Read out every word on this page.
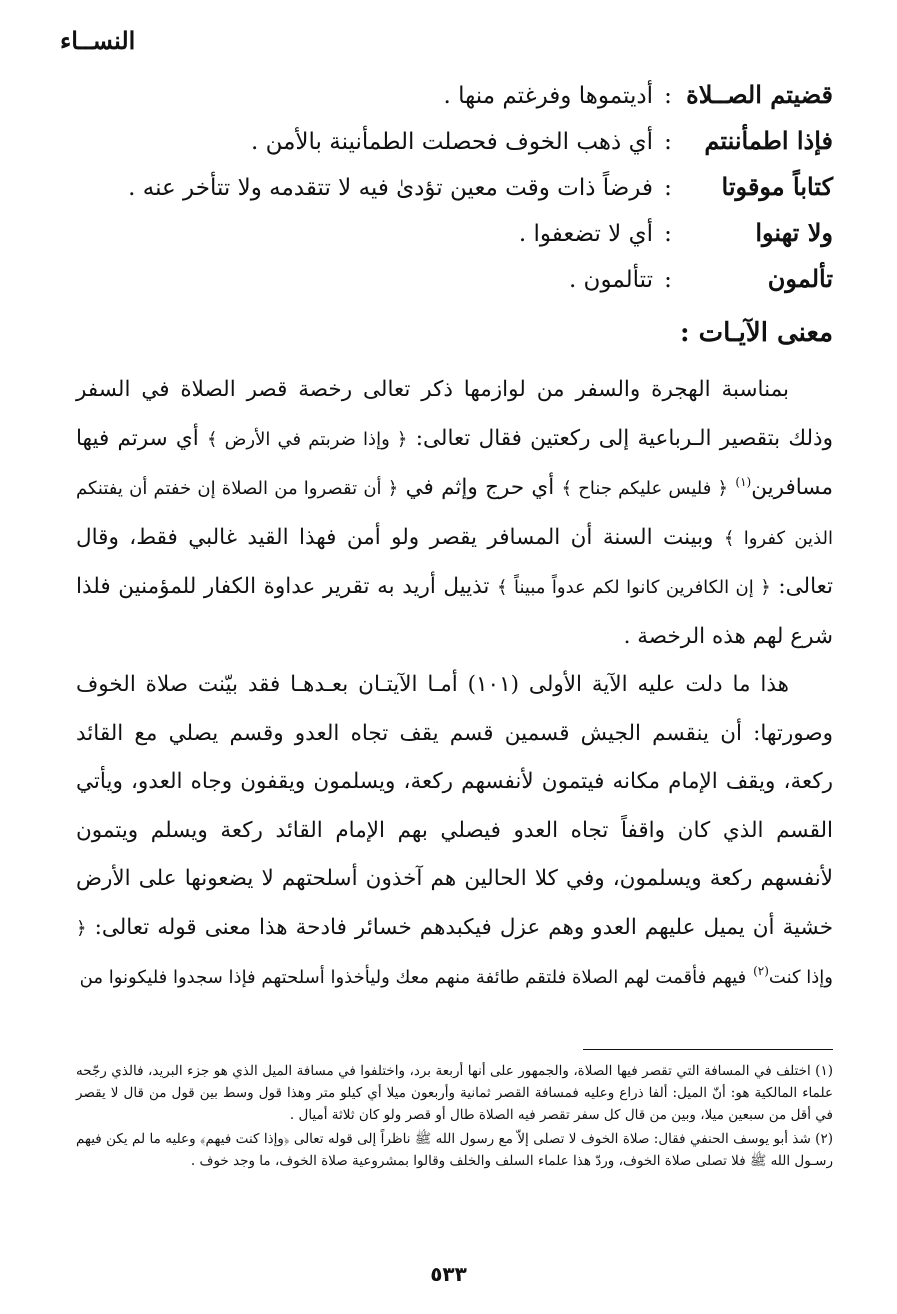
النســاء
قضيتم الصــلاة
:
أديتموها وفرغتم منها .
فإذا اطمأننتم
:
أي ذهب الخوف فحصلت الطمأنينة بالأمن .
كتاباً موقوتا
:
فرضاً ذات وقت معين تؤدىٰ فيه لا تتقدمه ولا تتأخر عنه .
ولا تهنوا
:
أي لا تضعفوا .
تألمون
:
تتألمون .
معنى الآيـات :

بمناسبة الهجرة والسفر من لوازمها ذكر تعالى رخصة قصر الصلاة في السفر وذلك بتقصير الـرباعية إلى ركعتين فقال تعالى: ﴿ وإذا ضربتم في الأرض ﴾ أي سرتم فيها مسافرين$^{(١)}$ ﴿ فليس عليكم جناح ﴾ أي حرج وإثم في ﴿ أن تقصروا من الصلاة إن خفتم أن يفتنكم الذين كفروا ﴾ وبينت السنة أن المسافر يقصر ولو أمن فهذا القيد غالبي فقط، وقال تعالى: ﴿ إن الكافرين كانوا لكم عدواً مبيناً ﴾ تذييل أريد به تقرير عداوة الكفار للمؤمنين فلذا شرع لهم هذه الرخصة .

هذا ما دلت عليه الآية الأولى (١٠١) أمـا الآيتـان بعـدهـا فقد بيّنت صلاة الخوف وصورتها: أن ينقسم الجيش قسمين قسم يقف تجاه العدو وقسم يصلي مع القائد ركعة، ويقف الإمام مكانه فيتمون لأنفسهم ركعة، ويسلمون ويقفون وجاه العدو، ويأتي القسم الذي كان واقفاً تجاه العدو فيصلي بهم الإمام القائد ركعة ويسلم ويتمون لأنفسهم ركعة ويسلمون، وفي كلا الحالين هم آخذون أسلحتهم لا يضعونها على الأرض خشية أن يميل عليهم العدو وهم عزل فيكبدهم خسائر فادحة هذا معنى قوله تعالى: ﴿ وإذا كنت$^{(٢)}$ فيهم فأقمت لهم الصلاة فلتقم طائفة منهم معك وليأخذوا أسلحتهم فإذا سجدوا فليكونوا من

(١) اختلف في المسافة التي تقصر فيها الصلاة، والجمهور على أنها أربعة برد، واختلفوا في مسافة الميل الذي هو جزء البريد، فالذي رجّحه علماء المالكية هو: أنّ الميل: ألفا ذراع وعليه فمسافة القصر ثمانية وأربعون ميلا أي كيلو متر وهذا قول وسط بين قول من قال لا يقصر في أقل من سبعين ميلا، وبين من قال كل سفر تقصر فيه الصلاة طال أو قصر ولو كان ثلاثة أميال .

(٢) شذ أبو يوسف الحنفي فقال: صلاة الخوف لا تصلى إلاّ مع رسول الله ﷺ ناظراً إلى قوله تعالى ﴿وإذا كنت فيهم﴾ وعليه ما لم يكن فيهم رسـول الله ﷺ فلا تصلى صلاة الخوف، وردّ هذا علماء السلف والخلف وقالوا بمشروعية صلاة الخوف، ما وجد خوف .

٥٣٣
